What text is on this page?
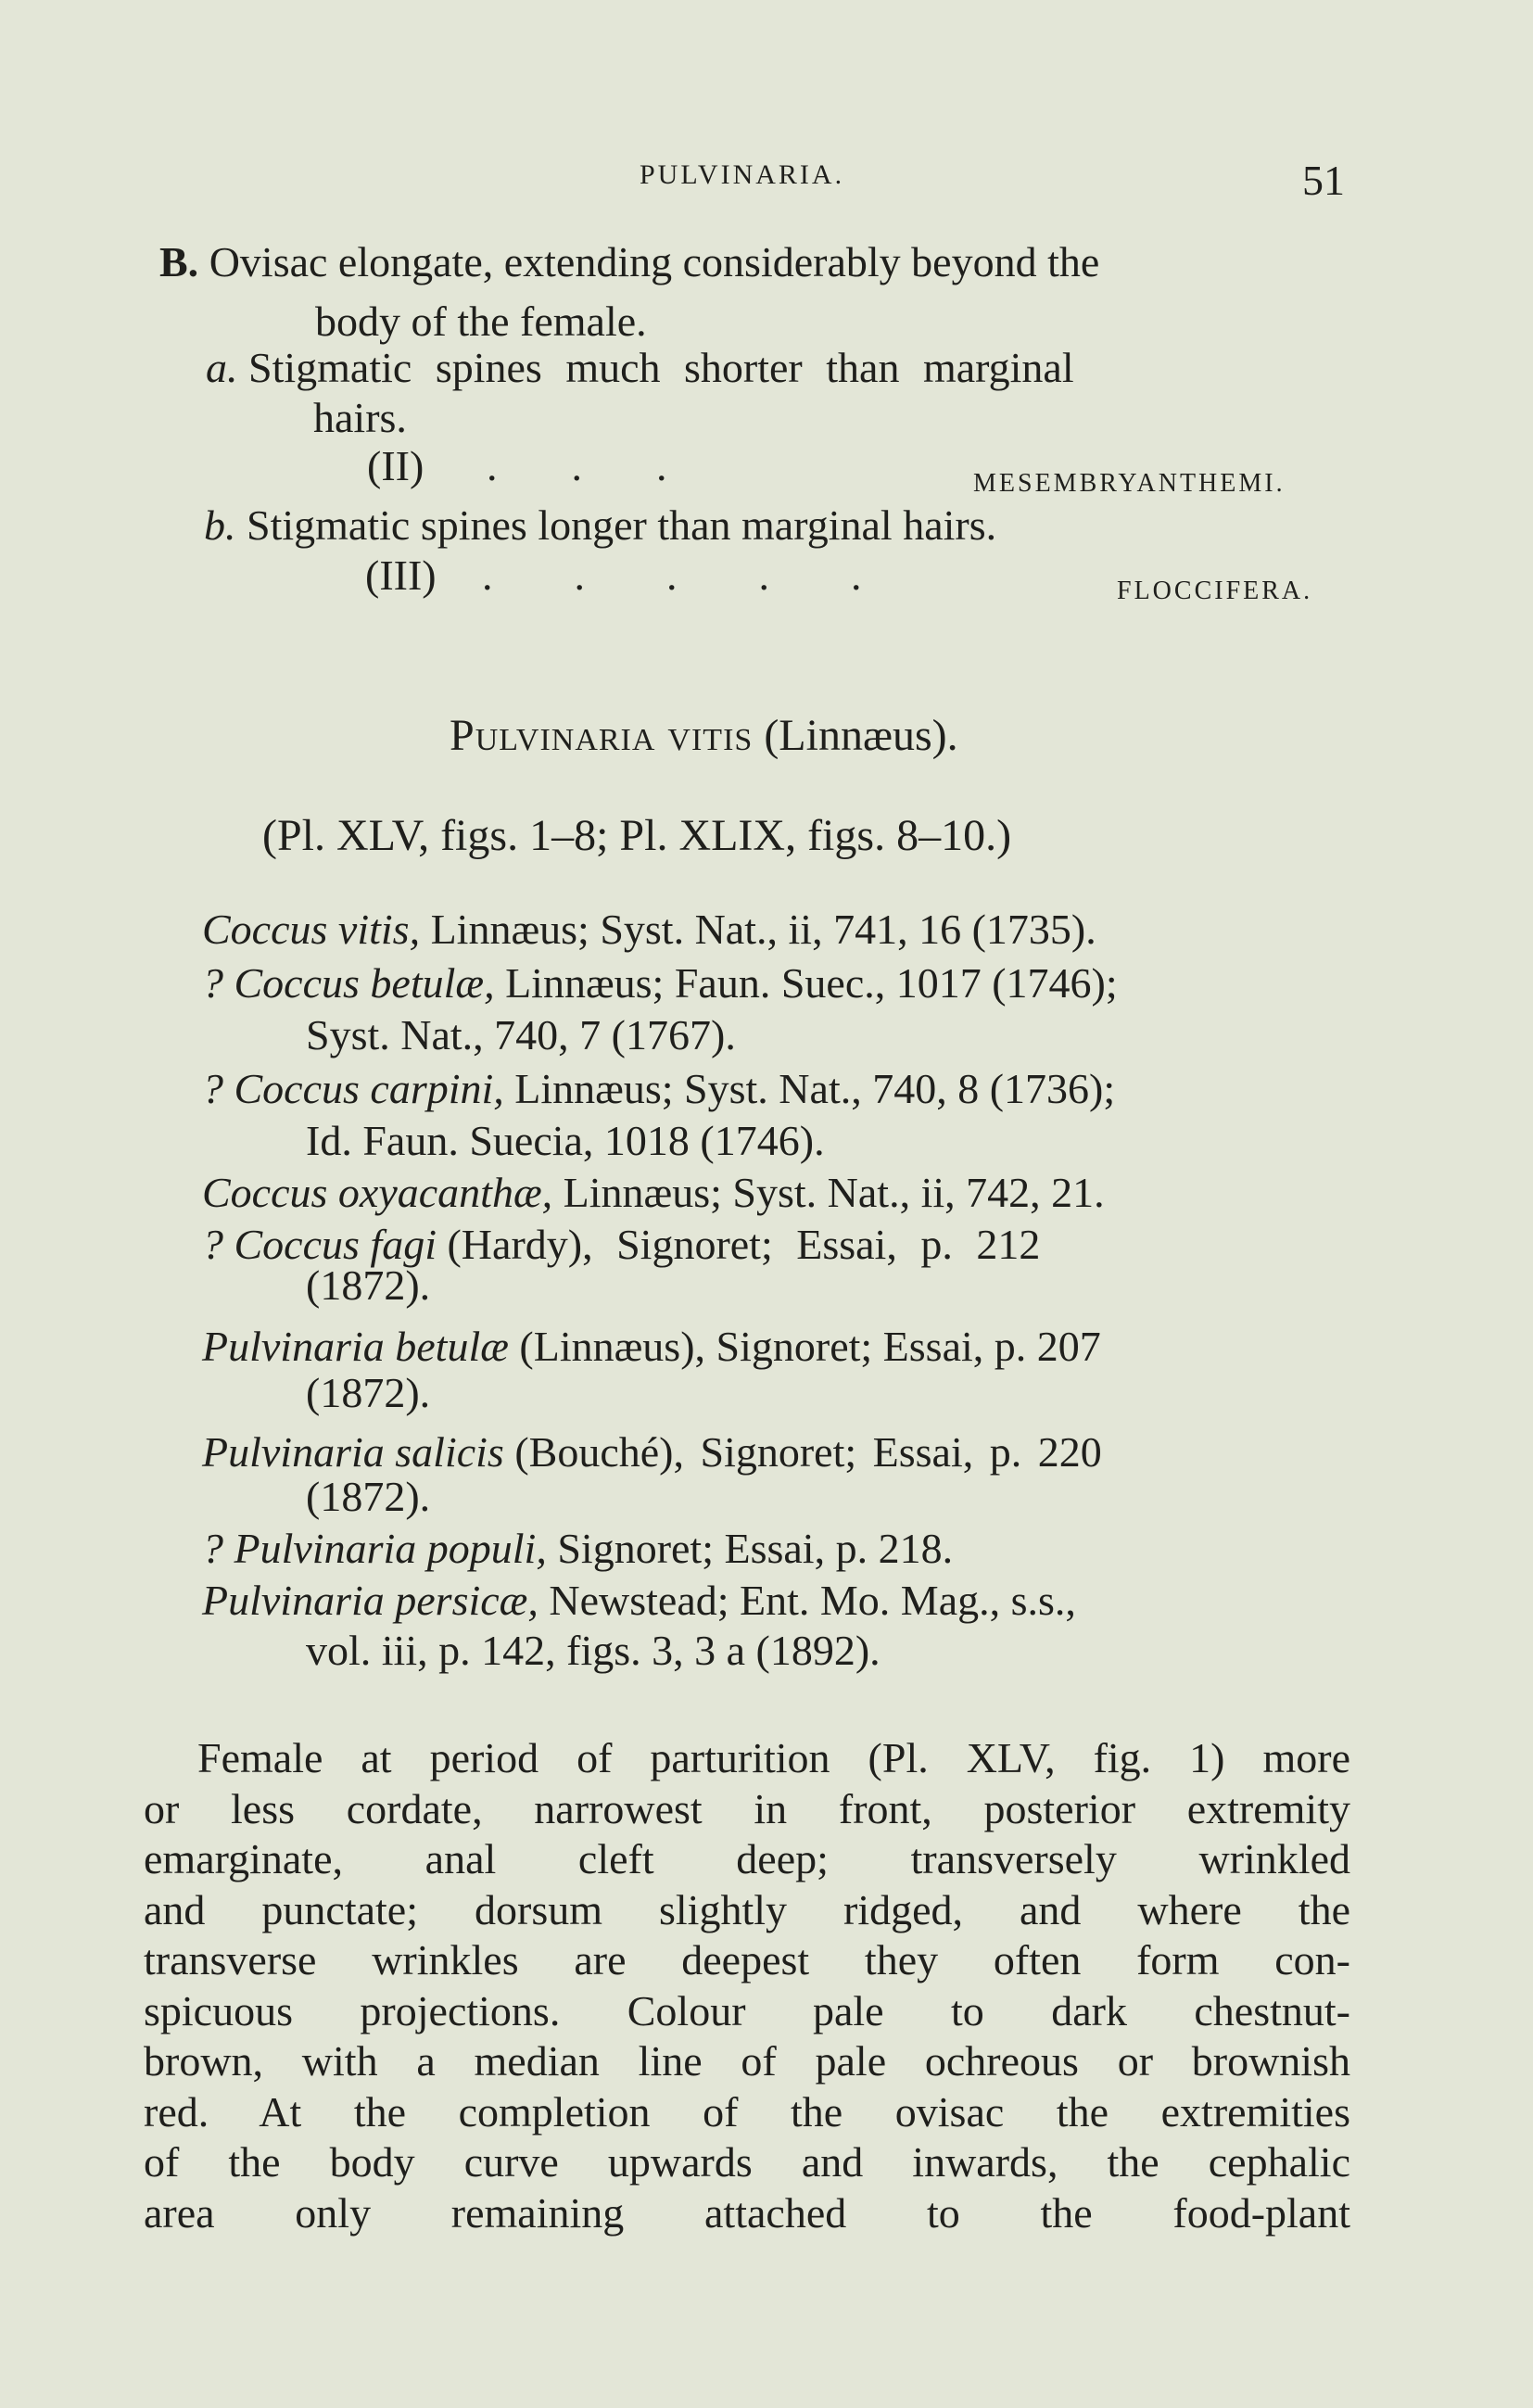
PULVINARIA.	51
B. Ovisac elongate, extending considerably beyond the
body of the female.
a. Stigmatic spines much shorter than marginal
hairs.
(II) ...	MESEMBRYANTHEMI.
b. Stigmatic spines longer than marginal hairs.
(III) .....	FLOCCIFERA.
Pulvinaria vitis (Linnæus).
(Pl. XLV, figs. 1–8; Pl. XLIX, figs. 8–10.)
Coccus vitis, Linnæus; Syst. Nat., ii, 741, 16 (1735).
? Coccus betulæ, Linnæus; Faun. Suec., 1017 (1746);
Syst. Nat., 740, 7 (1767).
? Coccus carpini, Linnæus; Syst. Nat., 740, 8 (1736);
Id. Faun. Suecia, 1018 (1746).
Coccus oxyacanthæ, Linnæus; Syst. Nat., ii, 742, 21.
? Coccus fagi (Hardy), Signoret; Essai, p. 212
(1872).
Pulvinaria betulæ (Linnæus), Signoret; Essai, p. 207
(1872).
Pulvinaria salicis (Bouché), Signoret; Essai, p. 220
(1872).
? Pulvinaria populi, Signoret; Essai, p. 218.
Pulvinaria persicæ, Newstead; Ent. Mo. Mag., s.s.,
vol. iii, p. 142, figs. 3, 3 a (1892).
Female at period of parturition (Pl. XLV, fig. 1) more
or less cordate, narrowest in front, posterior extremity
emarginate, anal cleft deep; transversely wrinkled
and punctate; dorsum slightly ridged, and where the
transverse wrinkles are deepest they often form con-
spicuous projections. Colour pale to dark chestnut-
brown, with a median line of pale ochreous or brownish
red. At the completion of the ovisac the extremities
of the body curve upwards and inwards, the cephalic
area only remaining attached to the food-plant
